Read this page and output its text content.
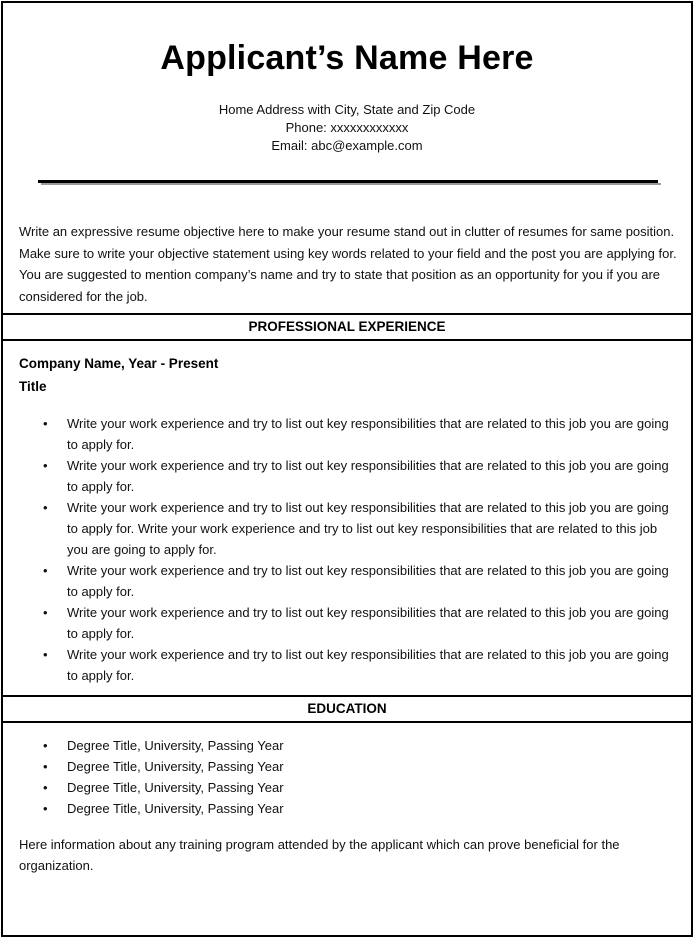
Applicant’s Name Here
Home Address with City, State and Zip Code
Phone: xxxxxxxxxxxx
Email: abc@example.com
Write an expressive resume objective here to make your resume stand out in clutter of resumes for same position. Make sure to write your objective statement using key words related to your field and the post you are applying for. You are suggested to mention company’s name and try to state that position as an opportunity for you if you are considered for the job.
PROFESSIONAL EXPERIENCE
Company Name, Year - Present
Title
• Write your work experience and try to list out key responsibilities that are related to this job you are going to apply for.
• Write your work experience and try to list out key responsibilities that are related to this job you are going to apply for.
• Write your work experience and try to list out key responsibilities that are related to this job you are going to apply for. Write your work experience and try to list out key responsibilities that are related to this job you are going to apply for.
• Write your work experience and try to list out key responsibilities that are related to this job you are going to apply for.
• Write your work experience and try to list out key responsibilities that are related to this job you are going to apply for.
• Write your work experience and try to list out key responsibilities that are related to this job you are going to apply for.
EDUCATION
• Degree Title, University, Passing Year
• Degree Title, University, Passing Year
• Degree Title, University, Passing Year
• Degree Title, University, Passing Year
Here information about any training program attended by the applicant which can prove beneficial for the organization.
